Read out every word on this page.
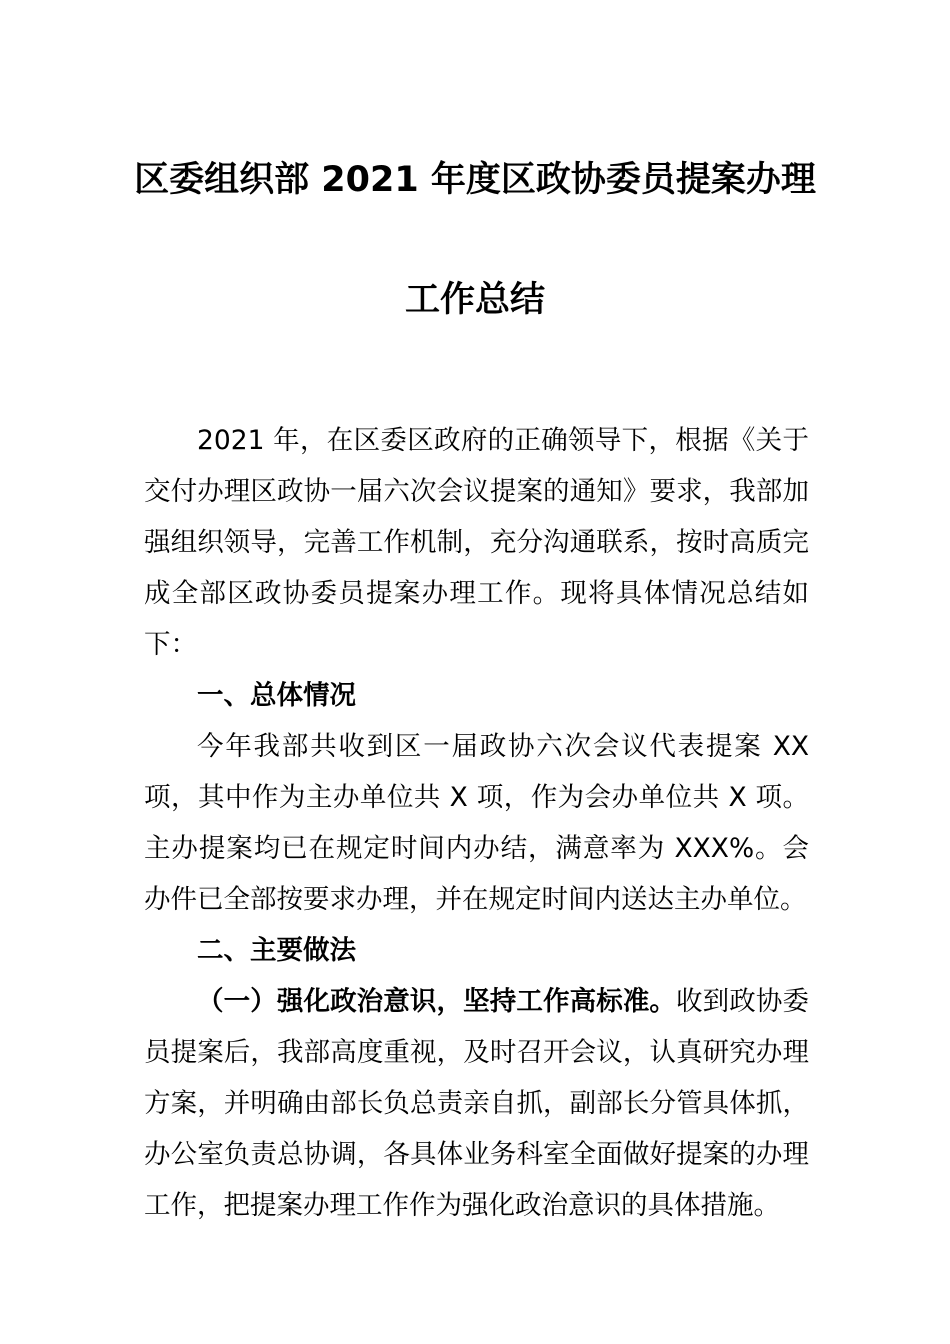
区委组织部 2021 年度区政协委员提案办理
工作总结

2021 年，在区委区政府的正确领导下，根据《关于交付办理区政协一届六次会议提案的通知》要求，我部加强组织领导，完善工作机制，充分沟通联系，按时高质完成全部区政协委员提案办理工作。现将具体情况总结如下：

一、总体情况

今年我部共收到区一届政协六次会议代表提案 XX 项，其中作为主办单位共 X 项，作为会办单位共 X 项。主办提案均已在规定时间内办结，满意率为 XXX%。会办件已全部按要求办理，并在规定时间内送达主办单位。

二、主要做法

（一）强化政治意识，坚持工作高标准。收到政协委员提案后，我部高度重视，及时召开会议，认真研究办理方案，并明确由部长负总责亲自抓，副部长分管具体抓，办公室负责总协调，各具体业务科室全面做好提案的办理工作，把提案办理工作作为强化政治意识的具体措施。
